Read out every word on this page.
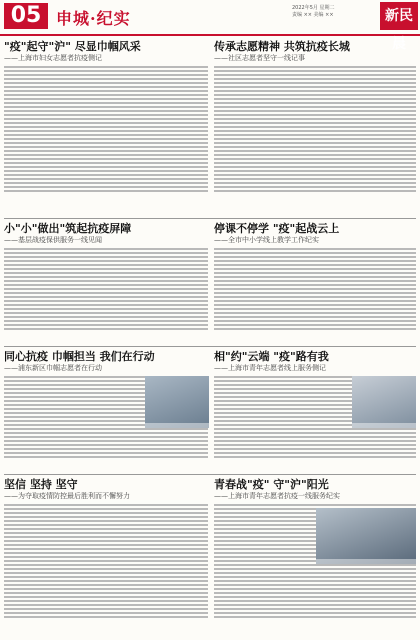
05 申城·纪实
2022年5月 星期二
责编 ×× 美编 ××	新民晨
"疫"起守"沪" 尽显巾帼风采
——上海市妇女志愿者抗疫侧记
传承志愿精神 共筑抗疫长城
——社区志愿者坚守一线记事
小"小"做出"筑起抗疫屏障
——基层战疫保供服务一线见闻
停课不停学 "疫"起战云上
——全市中小学线上教学工作纪实
同心抗疫 巾帼担当 我们在行动
——浦东新区巾帼志愿者在行动
相"约"云端 "疫"路有我
——上海市青年志愿者线上服务侧记
坚信 坚持 坚守
——为夺取疫情防控最后胜利而不懈努力
青春战"疫" 守"沪"阳光
——上海市青年志愿者抗疫一线服务纪实
